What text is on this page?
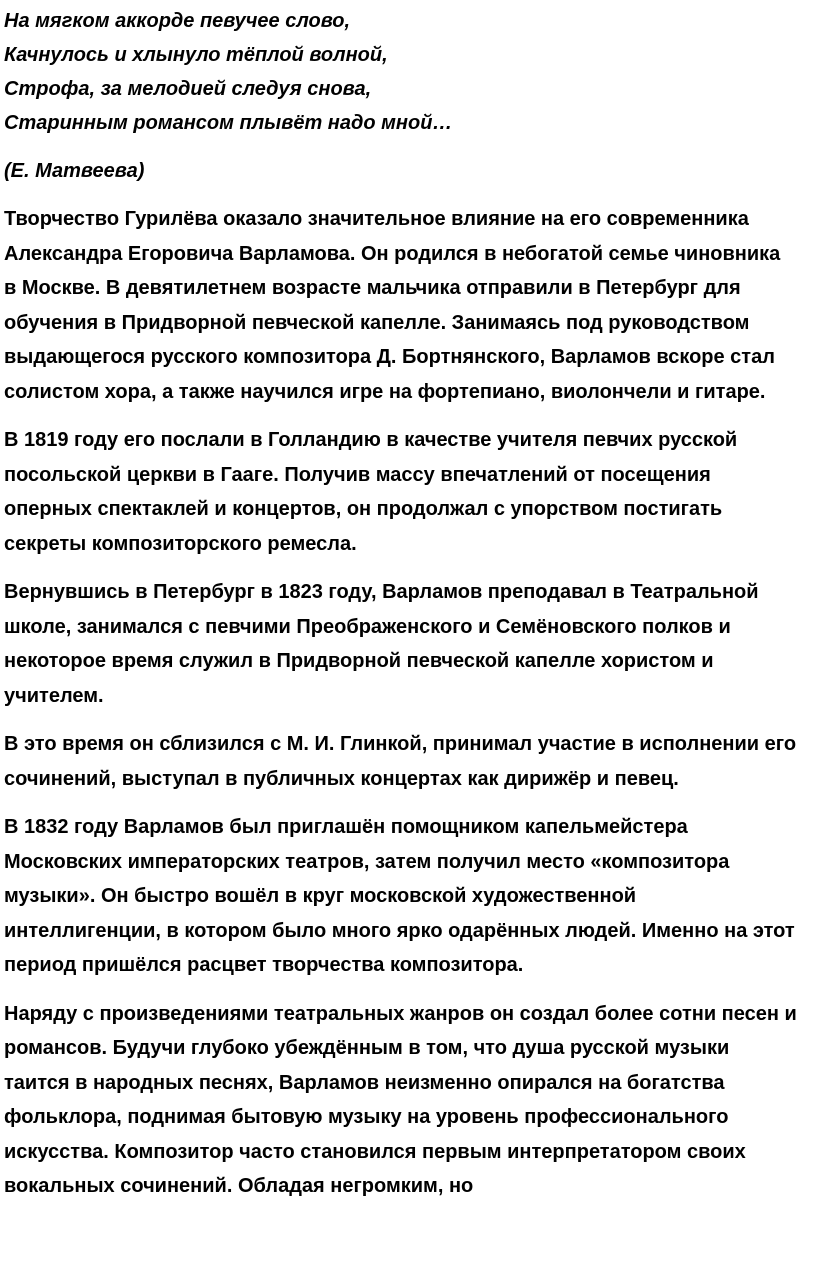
На мягком аккорде певучее слово,
Качнулось и хлынуло тёплой волной,
Строфа, за мелодией следуя снова,
Старинным романсом плывёт надо мной…

(Е. Матвеева)

Творчество Гурилёва оказало значительное влияние на его современника Александра Егоровича Варламова. Он родился в небогатой семье чиновника в Москве. В девятилетнем возрасте мальчика отправили в Петербург для обучения в Придворной певческой капелле. Занимаясь под руководством выдающегося русского композитора Д. Бортнянского, Варламов вскоре стал солистом хора, а также научился игре на фортепиано, виолончели и гитаре.

В 1819 году его послали в Голландию в качестве учителя певчих русской посольской церкви в Гааге. Получив массу впечатлений от посещения оперных спектаклей и концертов, он продолжал с упорством постигать секреты композиторского ремесла.

Вернувшись в Петербург в 1823 году, Варламов преподавал в Театральной школе, занимался с певчими Преображенского и Семёновского полков и некоторое время служил в Придворной певческой капелле хористом и учителем.

В это время он сблизился с М. И. Глинкой, принимал участие в исполнении его сочинений, выступал в публичных концертах как дирижёр и певец.

В 1832 году Варламов был приглашён помощником капельмейстера Московских императорских театров, затем получил место «композитора музыки». Он быстро вошёл в круг московской художественной интеллигенции, в котором было много ярко одарённых людей. Именно на этот период пришёлся расцвет творчества композитора.

Наряду с произведениями театральных жанров он создал более сотни песен и романсов. Будучи глубоко убеждённым в том, что душа русской музыки таится в народных песнях, Варламов неизменно опирался на богатства фольклора, поднимая бытовую музыку на уровень профессионального искусства. Композитор часто становился первым интерпретатором своих вокальных сочинений. Обладая негромким, но
